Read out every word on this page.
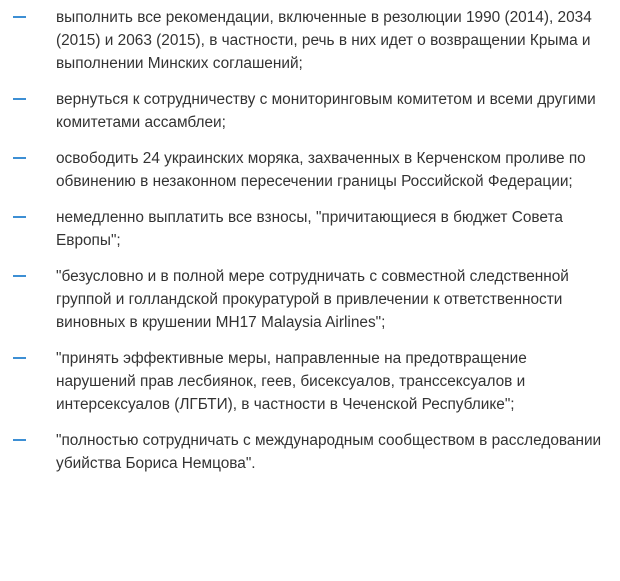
выполнить все рекомендации, включенные в резолюции 1990 (2014), 2034 (2015) и 2063 (2015), в частности, речь в них идет о возвращении Крыма и выполнении Минских соглашений;
вернуться к сотрудничеству с мониторинговым комитетом и всеми другими комитетами ассамблеи;
освободить 24 украинских моряка, захваченных в Керченском проливе по обвинению в незаконном пересечении границы Российской Федерации;
немедленно выплатить все взносы, "причитающиеся в бюджет Совета Европы";
"безусловно и в полной мере сотрудничать с совместной следственной группой и голландской прокуратурой в привлечении к ответственности виновных в крушении MH17 Malaysia Airlines";
"принять эффективные меры, направленные на предотвращение нарушений прав лесбиянок, геев, бисексуалов, транссексуалов и интерсексуалов (ЛГБТИ), в частности в Чеченской Республике";
"полностью сотрудничать с международным сообществом в расследовании убийства Бориса Немцова".
